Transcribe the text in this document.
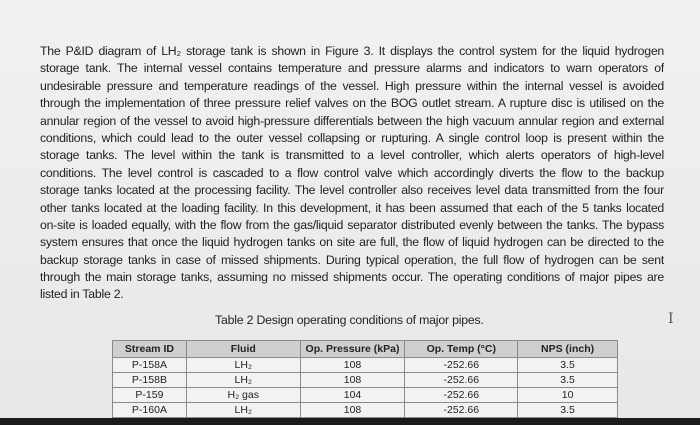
The P&ID diagram of LH₂ storage tank is shown in Figure 3. It displays the control system for the liquid hydrogen
storage tank. The internal vessel contains temperature and pressure alarms and indicators to warn operators of
undesirable pressure and temperature readings of the vessel. High pressure within the internal vessel is avoided
through the implementation of three pressure relief valves on the BOG outlet stream. A rupture disc is utilised on the
annular region of the vessel to avoid high-pressure differentials between the high vacuum annular region and external
conditions, which could lead to the outer vessel collapsing or rupturing. A single control loop is present within the
storage tanks. The level within the tank is transmitted to a level controller, which alerts operators of high-level
conditions. The level control is cascaded to a flow control valve which accordingly diverts the flow to the backup
storage tanks located at the processing facility. The level controller also receives level data transmitted from the four
other tanks located at the loading facility. In this development, it has been assumed that each of the 5 tanks located
on-site is loaded equally, with the flow from the gas/liquid separator distributed evenly between the tanks. The bypass
system ensures that once the liquid hydrogen tanks on site are full, the flow of liquid hydrogen can be directed to the
backup storage tanks in case of missed shipments. During typical operation, the full flow of hydrogen can be sent
through the main storage tanks, assuming no missed shipments occur. The operating conditions of major pipes are
listed in Table 2.
Table 2 Design operating conditions of major pipes.	I
Stream ID	Fluid	Op. Pressure (kPa)	Op. Temp (°C)	NPS (inch)
P-158A	LH₂	108	-252.66	3.5
P-158B	LH₂	108	-252.66	3.5
P-159	H₂ gas	104	-252.66	10
P-160A	LH₂	108	-252.66	3.5
